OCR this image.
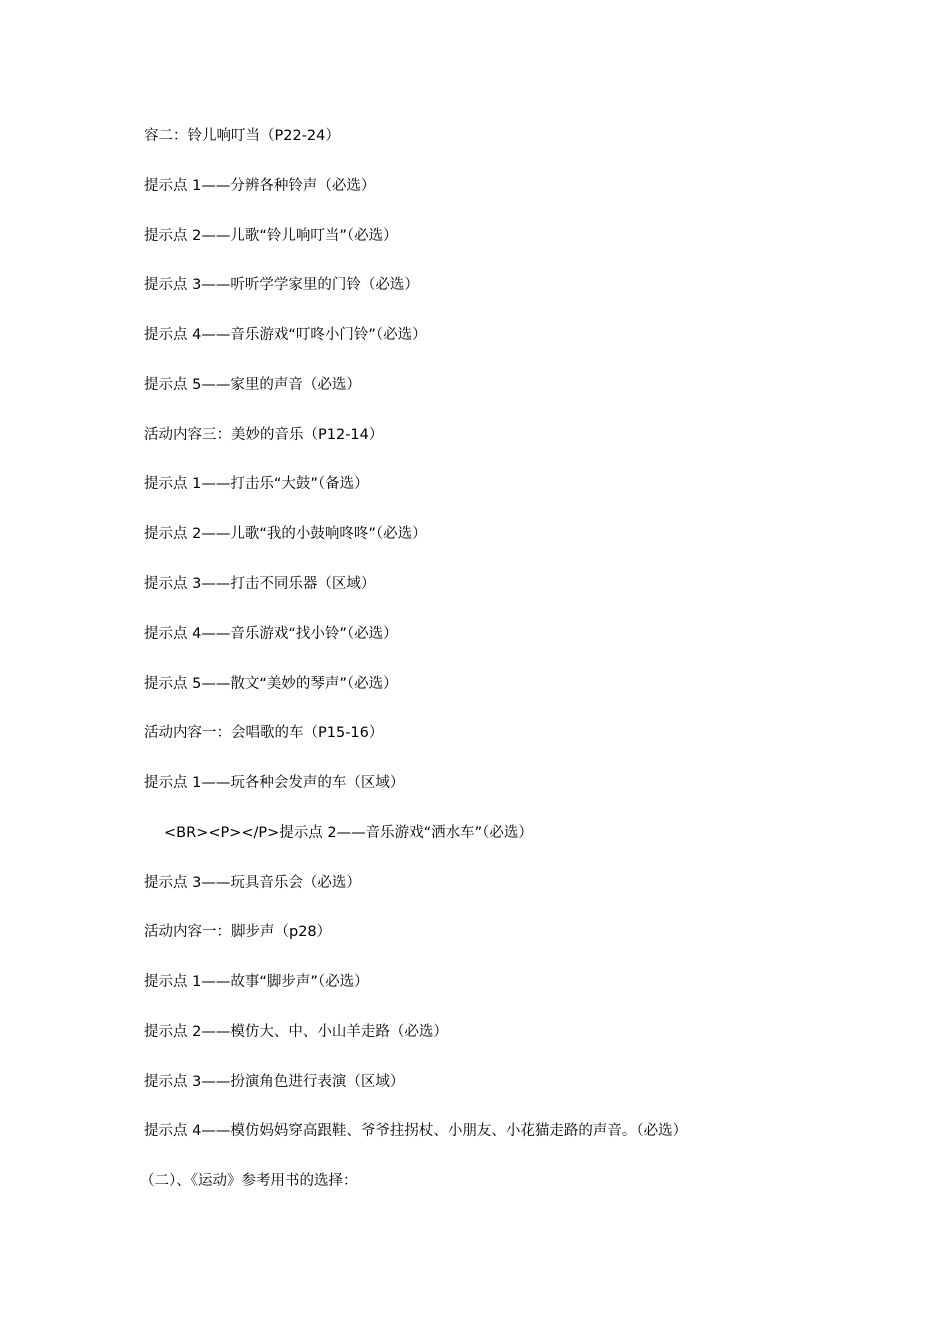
容二：铃儿响叮当（P22-24）
提示点 1——分辨各种铃声（必选）
提示点 2——儿歌“铃儿响叮当”（必选）
提示点 3——听听学学家里的门铃（必选）
提示点 4——音乐游戏“叮咚小门铃”（必选）
提示点 5——家里的声音（必选）
活动内容三：美妙的音乐（P12-14）
提示点 1——打击乐“大鼓”（备选）
提示点 2——儿歌“我的小鼓响咚咚”（必选）
提示点 3——打击不同乐器（区域）
提示点 4——音乐游戏“找小铃”（必选）
提示点 5——散文“美妙的琴声”（必选）
活动内容一：会唱歌的车（P15-16）
提示点 1——玩各种会发声的车（区域）
<BR><P></P>提示点 2——音乐游戏“洒水车”（必选）
提示点 3——玩具音乐会（必选）
活动内容一：脚步声（p28）
提示点 1——故事“脚步声”（必选）
提示点 2——模仿大、中、小山羊走路（必选）
提示点 3——扮演角色进行表演（区域）
提示点 4——模仿妈妈穿高跟鞋、爷爷拄拐杖、小朋友、小花猫走路的声音。（必选）
（二）、《运动》参考用书的选择：
